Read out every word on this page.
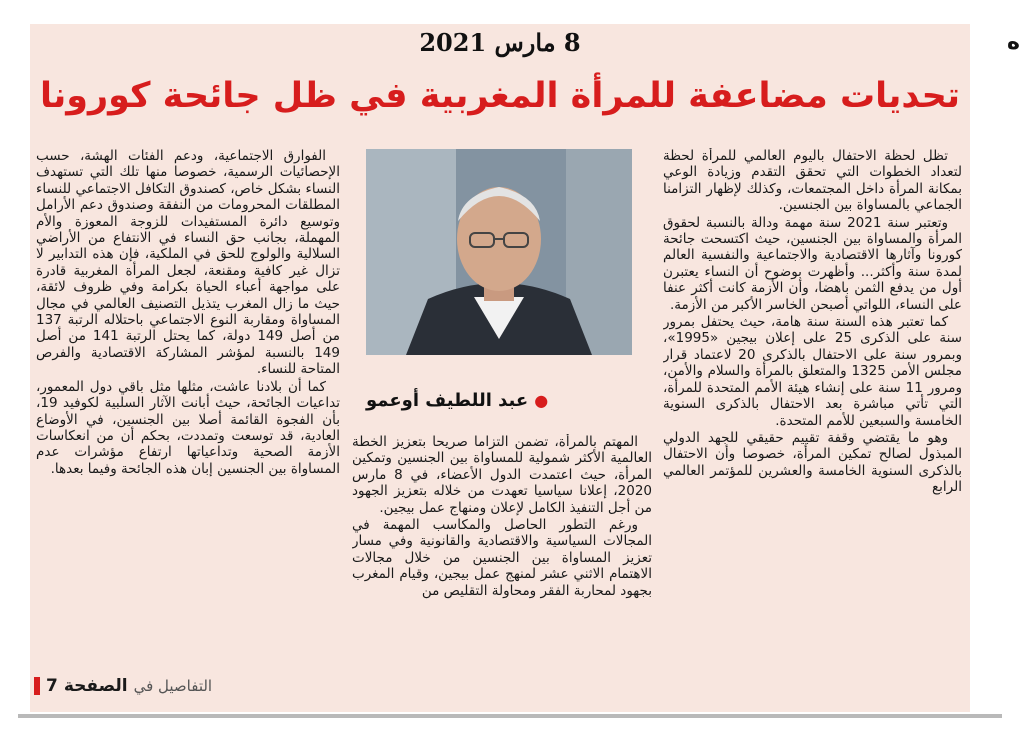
ه
8 مارس 2021
تحديات مضاعفة للمرأة المغربية في ظل جائحة كورونا

تظل لحظة الاحتفال باليوم العالمي للمرأة لحظة لتعداد الخطوات التي تحقق التقدم وزيادة الوعي بمكانة المرأة داخل المجتمعات، وكذلك لإظهار التزامنا الجماعي بالمساواة بين الجنسين.

وتعتبر سنة 2021 سنة مهمة ودالة بالنسبة لحقوق المرأة والمساواة بين الجنسين، حيث اكتسحت جائحة كورونا وآثارها الاقتصادية والاجتماعية والنفسية العالم لمدة سنة وأكثر... وأظهرت بوضوح أن النساء يعتبرن أول من يدفع الثمن باهضا، وأن الأزمة كانت أكثر عنفا على النساء، اللواتي أصبحن الخاسر الأكبر من الأزمة.

كما تعتبر هذه السنة سنة هامة، حيث يحتفل بمرور سنة على الذكرى 25 على إعلان بيجين «1995»، وبمرور سنة على الاحتفال بالذكرى 20 لاعتماد قرار مجلس الأمن 1325 والمتعلق بالمرأة والسلام والأمن، ومرور 11 سنة على إنشاء هيئة الأمم المتحدة للمرأة، التي تأتي مباشرة بعد الاحتفال بالذكرى السنوية الخامسة والسبعين للأمم المتحدة.

وهو ما يقتضي وقفة تقييم حقيقي للجهد الدولي المبذول لصالح تمكين المرأة، خصوصا وأن الاحتفال بالذكرى السنوية الخامسة والعشرين للمؤتمر العالمي الرابع

●عبد اللطيف أوعمو

المهتم بالمرأة، تضمن التزاما صريحا بتعزيز الخطة العالمية الأكثر شمولية للمساواة بين الجنسين وتمكين المرأة، حيث اعتمدت الدول الأعضاء، في 8 مارس 2020، إعلانا سياسيا تعهدت من خلاله بتعزيز الجهود من أجل التنفيذ الكامل لإعلان ومنهاج عمل بيجين.

ورغم التطور الحاصل والمكاسب المهمة في المجالات السياسية والاقتصادية والقانونية وفي مسار تعزيز المساواة بين الجنسين من خلال مجالات الاهتمام الاثني عشر لمنهج عمل بيجين، وقيام المغرب بجهود لمحاربة الفقر ومحاولة التقليص من

الفوارق الاجتماعية، ودعم الفئات الهشة، حسب الإحصائيات الرسمية، خصوصا منها تلك التي تستهدف النساء بشكل خاص، كصندوق التكافل الاجتماعي للنساء المطلقات المحرومات من النفقة وصندوق دعم الأرامل وتوسيع دائرة المستفيدات للزوجة المعوزة والأم المهملة، بجانب حق النساء في الانتفاع من الأراضي السلالية والولوج للحق في الملكية، فإن هذه التدابير لا تزال غير كافية ومقنعة، لجعل المرأة المغربية قادرة على مواجهة أعباء الحياة بكرامة وفي ظروف لائقة، حيث ما زال المغرب يتذيل التصنيف العالمي في مجال المساواة ومقاربة النوع الاجتماعي باحتلاله الرتبة 137 من أصل 149 دولة، كما يحتل الرتبة 141 من أصل 149 بالنسبة لمؤشر المشاركة الاقتصادية والفرص المتاحة للنساء.

كما أن بلادنا عاشت، مثلها مثل باقي دول المعمور، تداعيات الجائحة، حيث أبانت الآثار السلبية لكوفيد 19، بأن الفجوة القائمة أصلا بين الجنسين، في الأوضاع العادية، قد توسعت وتمددت، بحكم أن من انعكاسات الأزمة الصحية وتداعياتها ارتفاع مؤشرات عدم المساواة بين الجنسين إبان هذه الجائحة وفيما بعدها.

التفاصيل في
الصفحة
7
